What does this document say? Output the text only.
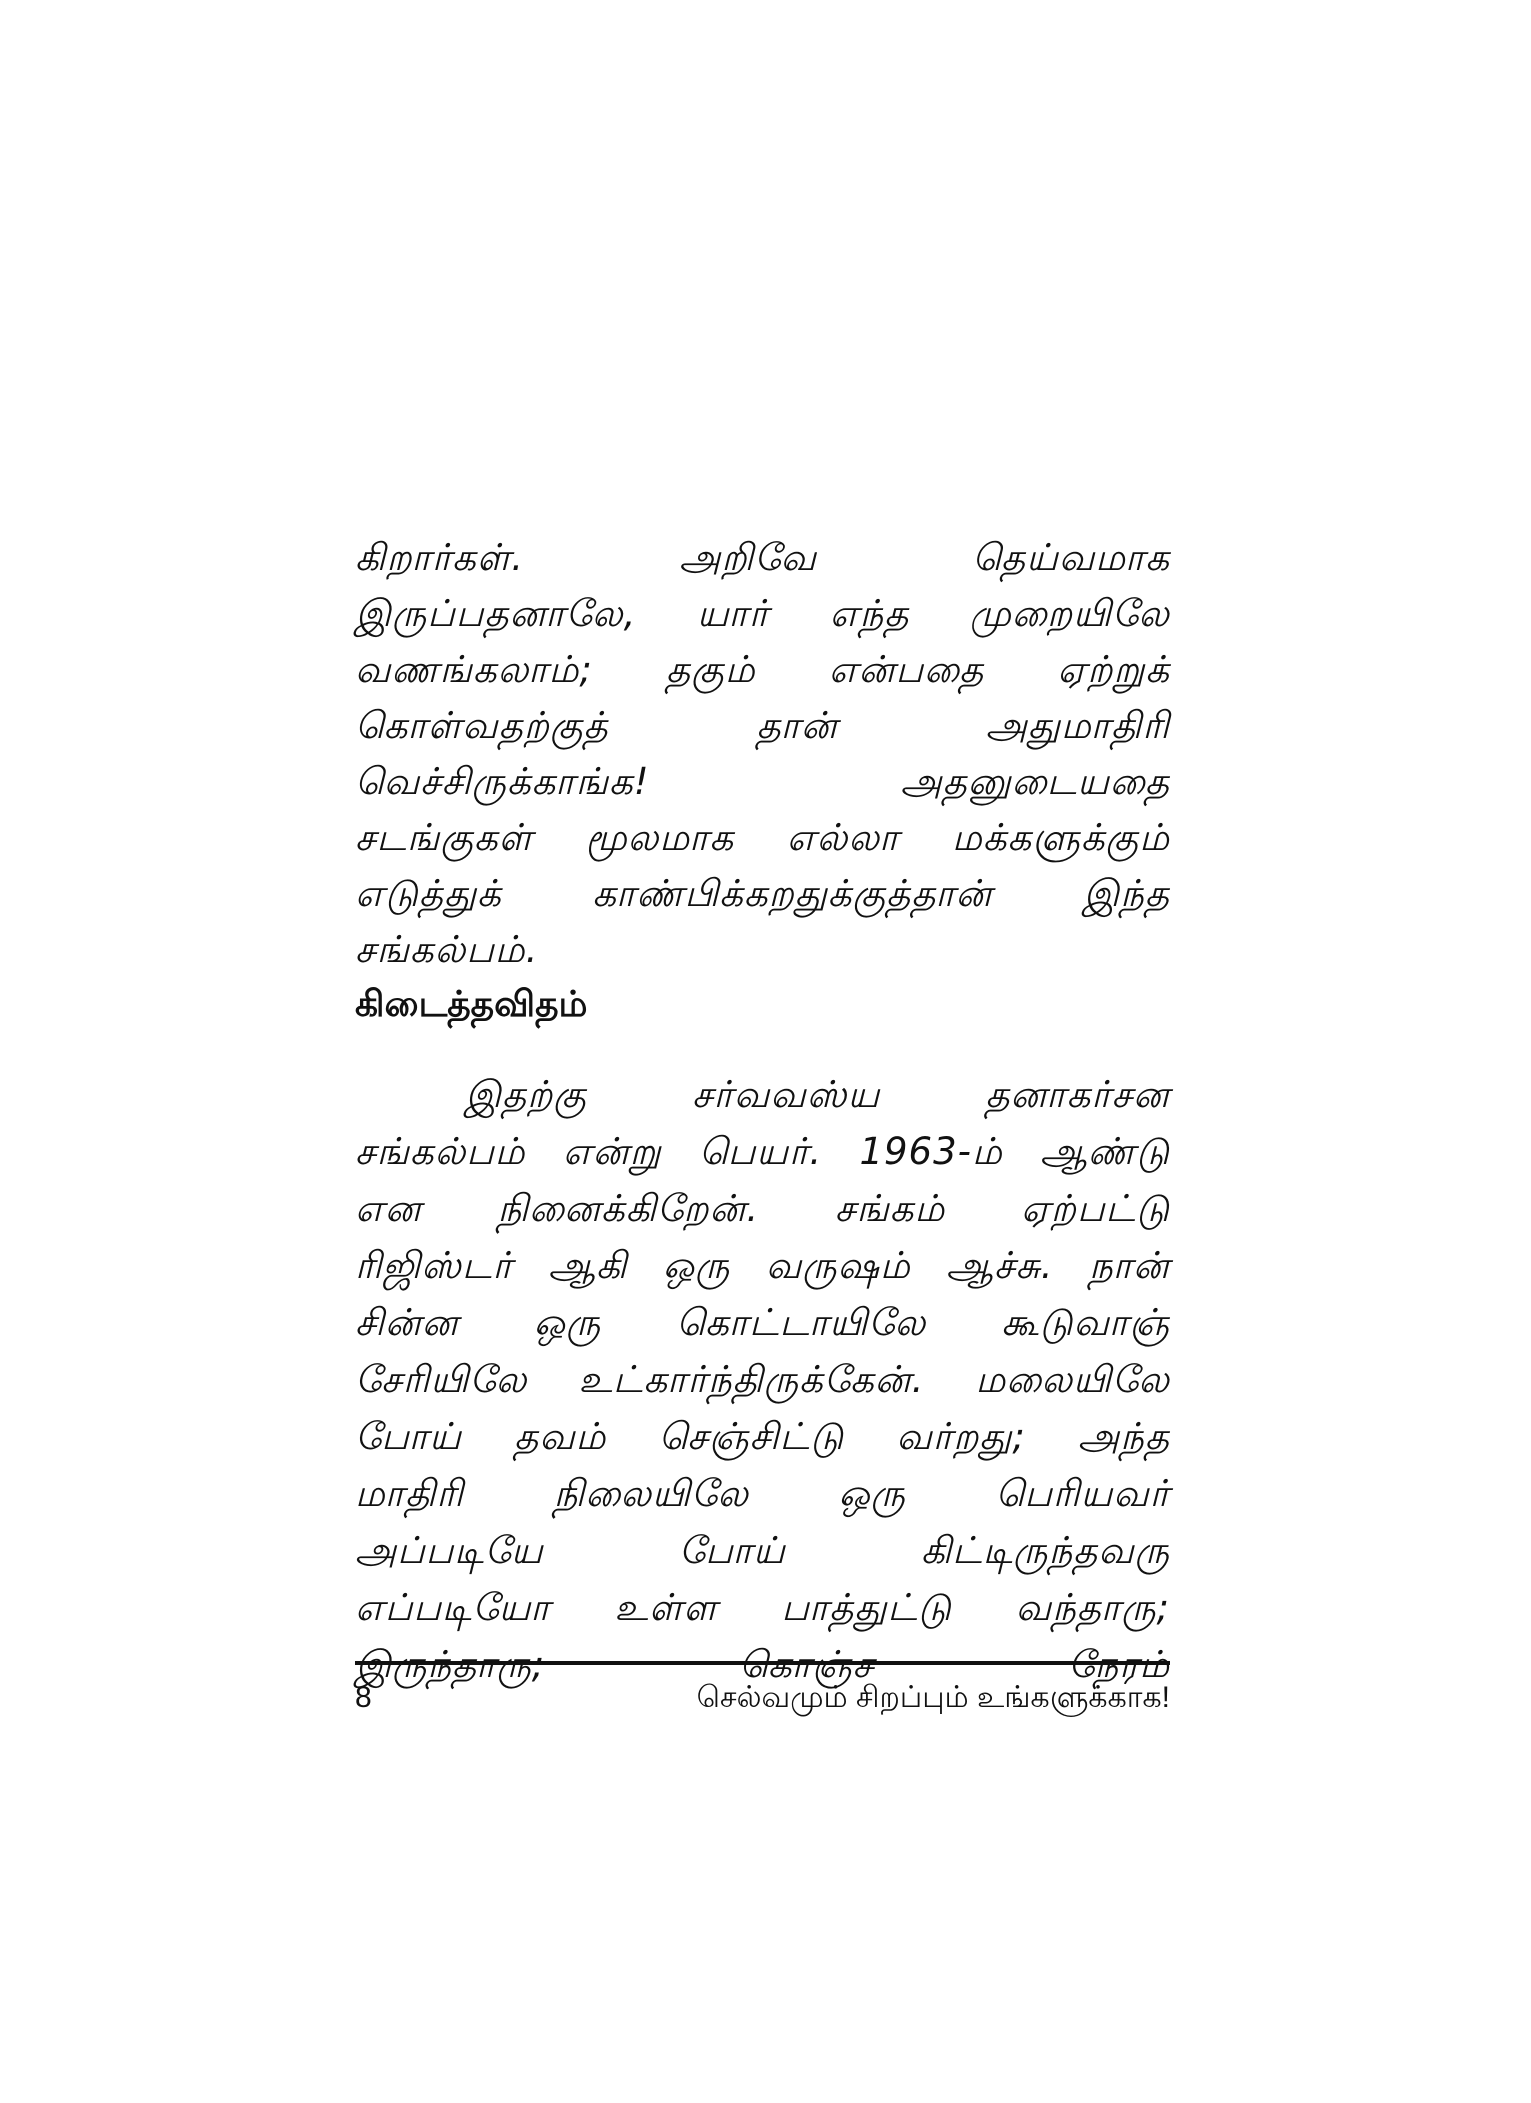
கிறார்கள். அறிவே தெய்வமாக
இருப்பதனாலே, யார் எந்த முறையிலே
வணங்கலாம்; தகும் என்பதை ஏற்றுக்
கொள்வதற்குத் தான் அதுமாதிரி
வெச்சிருக்காங்க! அதனுடையதை
சடங்குகள் மூலமாக எல்லா மக்களுக்கும்
எடுத்துக் காண்பிக்கறதுக்குத்தான் இந்த
சங்கல்பம்.
கிடைத்தவிதம்
இதற்கு சர்வவஸ்ய தனாகர்சன
சங்கல்பம் என்று பெயர். 1963-ம் ஆண்டு
என நினைக்கிறேன். சங்கம் ஏற்பட்டு
ரிஜிஸ்டர் ஆகி ஒரு வருஷம் ஆச்சு. நான்
சின்ன ஒரு கொட்டாயிலே கூடுவாஞ்
சேரியிலே உட்கார்ந்திருக்கேன். மலையிலே
போய் தவம் செஞ்சிட்டு வர்றது; அந்த
மாதிரி நிலையிலே ஒரு பெரியவர்
அப்படியே போய் கிட்டிருந்தவரு
எப்படியோ உள்ள பாத்துட்டு வந்தாரு;
இருந்தாரு; கொஞ்ச நேரம்
8	செல்வமும் சிறப்பும் உங்களுக்காக!
